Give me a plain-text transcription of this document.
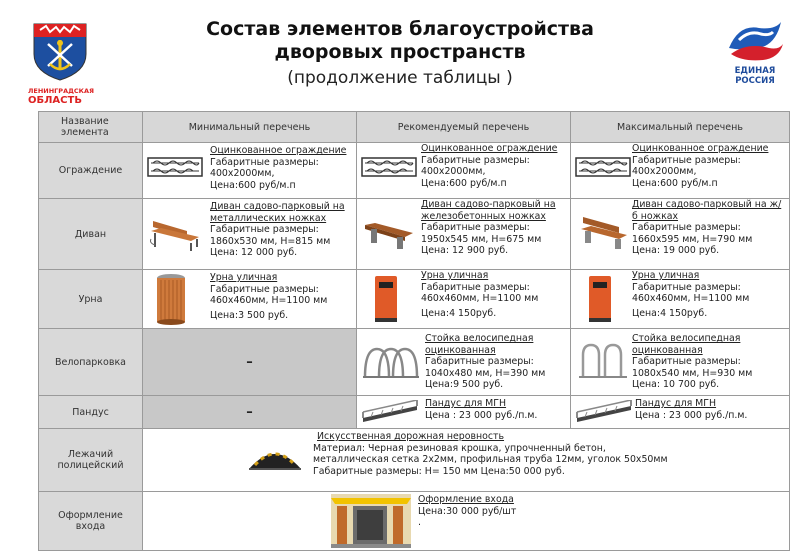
ЛЕНИНГРАДСКАЯ
ОБЛАСТЬ
ЕДИНАЯ
РОССИЯ
Состав элементов благоустройства
дворовых пространств
(продолжение таблицы )
Название элемента	Минимальный перечень	Рекомендуемый перечень	Максимальный перечень
Ограждение	Оцинкованное ограждение
Габаритные размеры:
400х2000мм,
Цена:600 руб/м.п	Оцинкованное ограждение
Габаритные размеры:
400х2000мм,
Цена:600 руб/м.п	Оцинкованное ограждение
Габаритные размеры:
400х2000мм,
Цена:600 руб/м.п

Диван	Диван садово-парковый на металлических ножках
Габаритные размеры:
1860х530 мм, Н=815 мм
Цена: 12 000 руб.	Диван садово-парковый на железобетонных ножках
Габаритные размеры:
1950х545 мм, Н=675 мм
Цена: 12 900 руб.	Диван садово-парковый на ж/б ножках
Габаритные размеры:
1660х595 мм, Н=790 мм
Цена: 19 000 руб.

Урна	Урна уличная
Габаритные размеры:
460х460мм, Н=1100 мм
Цена:3 500 руб.	Урна уличная
Габаритные размеры:
460х460мм, Н=1100 мм
Цена:4 150руб.	Урна уличная
Габаритные размеры:
460х460мм, Н=1100 мм
Цена:4 150руб.

Велопарковка	–	Стойка велосипедная оцинкованная
Габаритные размеры:
1040х480 мм, Н=390 мм
Цена:9 500 руб.	Стойка велосипедная оцинкованная
Габаритные размеры:
1080х540 мм, Н=930 мм
Цена: 10 700 руб.

Пандус	–	Пандус для МГН
Цена : 23 000 руб./п.м.	Пандус для МГН
Цена : 23 000 руб./п.м.

Лежачий полицейский	Искусственная дорожная неровность
Материал: Черная резиновая крошка, упрочненный бетон,
металлическая сетка 2х2мм, профильная труба 12мм, уголок 50х50мм
Габаритные размеры: Н= 150 мм Цена:50 000 руб.		

Оформление входа	Оформление входа
Цена:30 000 руб/шт
.		
